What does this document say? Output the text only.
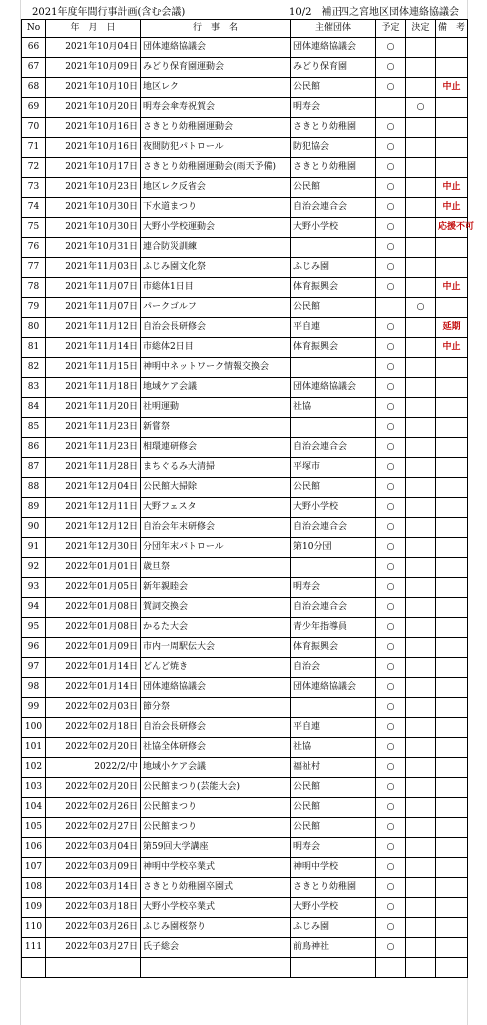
2021年度年間行事計画(含む会議)	10/2　補正
四之宮地区団体連絡協議会
No	年　月　日	行　事　名	主催団体	予定	決定	備　考
66	2021年10月04日	団体連絡協議会	団体連絡協議会	○		
67	2021年10月09日	みどり保育園運動会	みどり保育園	○		
68	2021年10月10日	地区レク	公民館	○		中止
69	2021年10月20日	明寿会傘寿祝賀会	明寿会		○	
70	2021年10月16日	さきとり幼稚園運動会	さきとり幼稚園	○		
71	2021年10月16日	夜間防犯パトロール	防犯協会	○		
72	2021年10月17日	さきとり幼稚園運動会(雨天予備)	さきとり幼稚園	○		
73	2021年10月23日	地区レク反省会	公民館	○		中止
74	2021年10月30日	下水道まつり	自治会連合会	○		中止
75	2021年10月30日	大野小学校運動会	大野小学校	○		応援不可
76	2021年10月31日	連合防災訓練		○		
77	2021年11月03日	ふじみ園文化祭	ふじみ園	○		
78	2021年11月07日	市総体1日目	体育振興会	○		中止
79	2021年11月07日	パークゴルフ	公民館		○	
80	2021年11月12日	自治会長研修会	平自連	○		延期
81	2021年11月14日	市総体2日目	体育振興会	○		中止
82	2021年11月15日	神明中ネットワーク情報交換会		○		
83	2021年11月18日	地域ケア会議	団体連絡協議会	○		
84	2021年11月20日	社明運動	社協	○		
85	2021年11月23日	新嘗祭		○		
86	2021年11月23日	相環連研修会	自治会連合会	○		
87	2021年11月28日	まちぐるみ大清掃	平塚市	○		
88	2021年12月04日	公民館大掃除	公民館	○		
89	2021年12月11日	大野フェスタ	大野小学校	○		
90	2021年12月12日	自治会年末研修会	自治会連合会	○		
91	2021年12月30日	分団年末パトロール	第10分団	○		
92	2022年01月01日	歳旦祭		○		
93	2022年01月05日	新年親睦会	明寿会	○		
94	2022年01月08日	賀詞交換会	自治会連合会	○		
95	2022年01月08日	かるた大会	青少年指導員	○		
96	2022年01月09日	市内一周駅伝大会	体育振興会	○		
97	2022年01月14日	どんど焼き	自治会	○		
98	2022年01月14日	団体連絡協議会	団体連絡協議会	○		
99	2022年02月03日	節分祭		○		
100	2022年02月18日	自治会長研修会	平自連	○		
101	2022年02月20日	社協全体研修会	社協	○		
102	2022/2/中	地域小ケア会議	福祉村	○		
103	2022年02月20日	公民館まつり(芸能大会)	公民館	○		
104	2022年02月26日	公民館まつり	公民館	○		
105	2022年02月27日	公民館まつり	公民館	○		
106	2022年03月04日	第59回大学講座	明寿会	○		
107	2022年03月09日	神明中学校卒業式	神明中学校	○		
108	2022年03月14日	さきとり幼稚園卒園式	さきとり幼稚園	○		
109	2022年03月18日	大野小学校卒業式	大野小学校	○		
110	2022年03月26日	ふじみ園桜祭り	ふじみ園	○		
111	2022年03月27日	氏子総会	前鳥神社	○		
